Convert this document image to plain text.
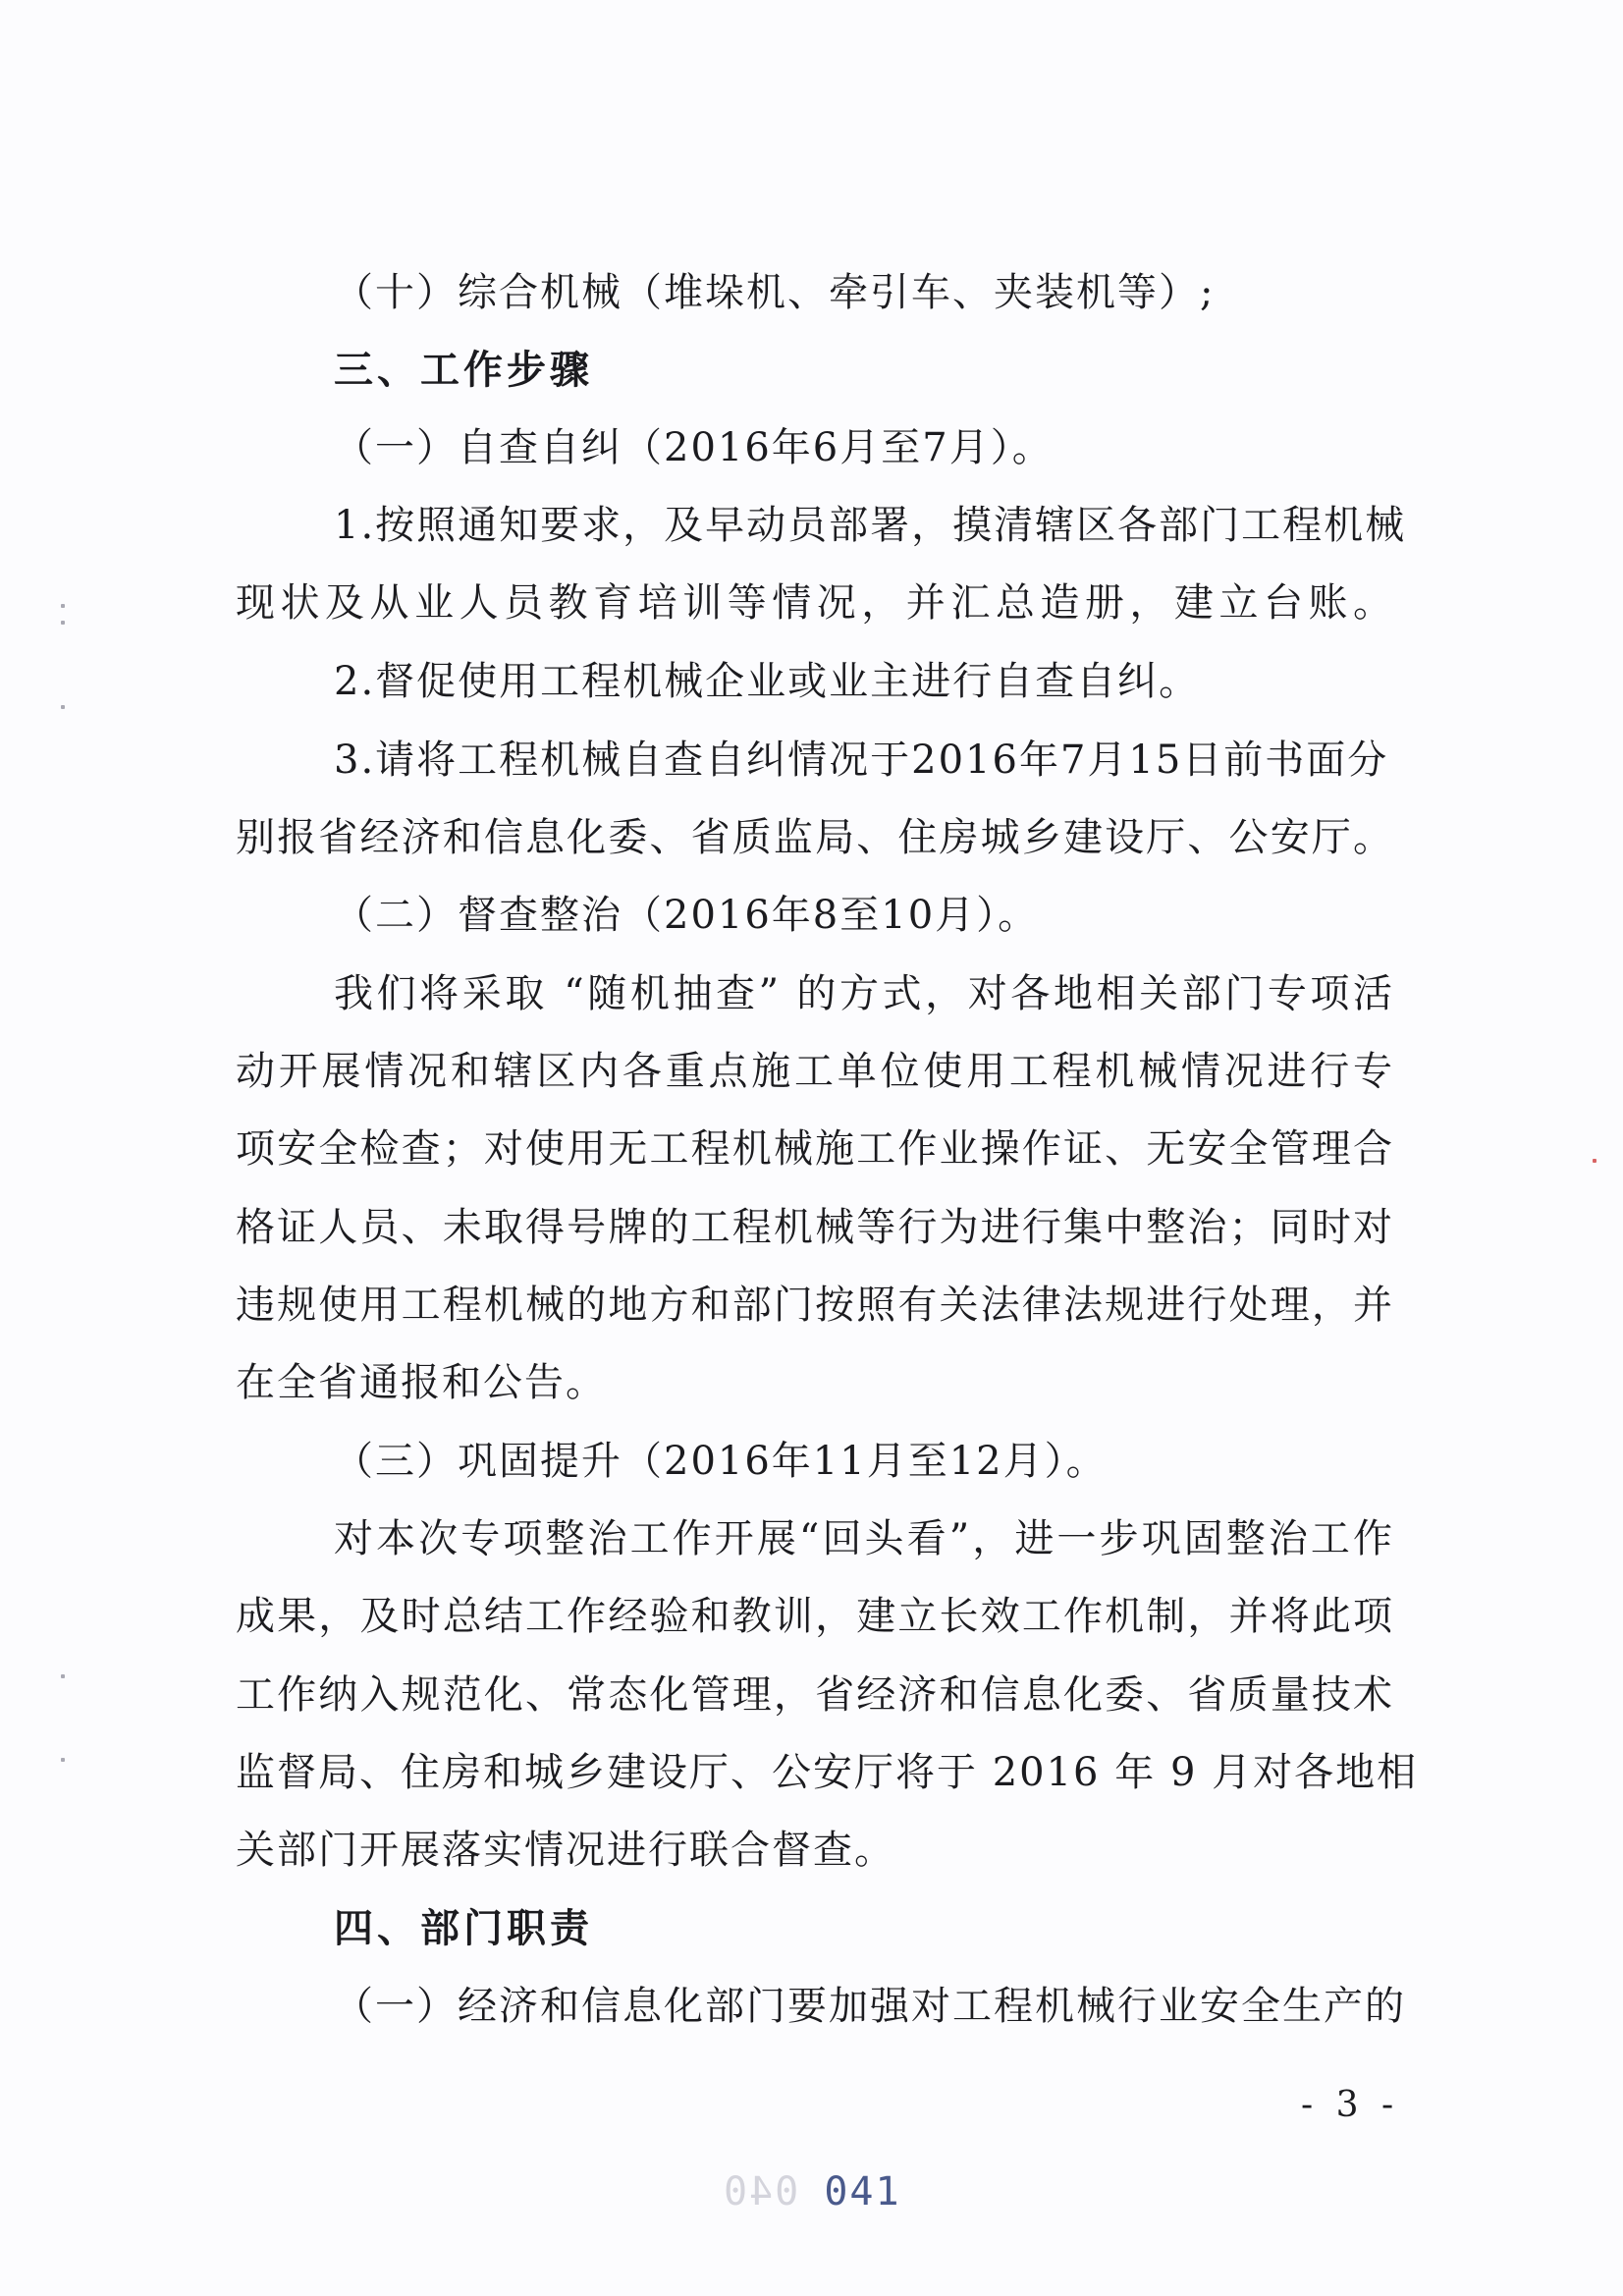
（十）综合机械（堆垛机、牵引车、夹装机等）;
三、工作步骤
（一）自查自纠（2016年6月至7月）。
1.按照通知要求，及早动员部署，摸清辖区各部门工程机械
现状及从业人员教育培训等情况，并汇总造册，建立台账。
2.督促使用工程机械企业或业主进行自查自纠。
3.请将工程机械自查自纠情况于2016年7月15日前书面分
别报省经济和信息化委、省质监局、住房城乡建设厅、公安厅。
（二）督查整治（2016年8至10月）。
我们将采取 “随机抽查” 的方式，对各地相关部门专项活
动开展情况和辖区内各重点施工单位使用工程机械情况进行专
项安全检查；对使用无工程机械施工作业操作证、无安全管理合
格证人员、未取得号牌的工程机械等行为进行集中整治；同时对
违规使用工程机械的地方和部门按照有关法律法规进行处理，并
在全省通报和公告。
（三）巩固提升（2016年11月至12月）。
对本次专项整治工作开展“回头看”，进一步巩固整治工作
成果，及时总结工作经验和教训，建立长效工作机制，并将此项
工作纳入规范化、常态化管理，省经济和信息化委、省质量技术
监督局、住房和城乡建设厅、公安厅将于 2016 年 9 月对各地相
关部门开展落实情况进行联合督查。
四、部门职责
（一）经济和信息化部门要加强对工程机械行业安全生产的
- 3 -
040 041
